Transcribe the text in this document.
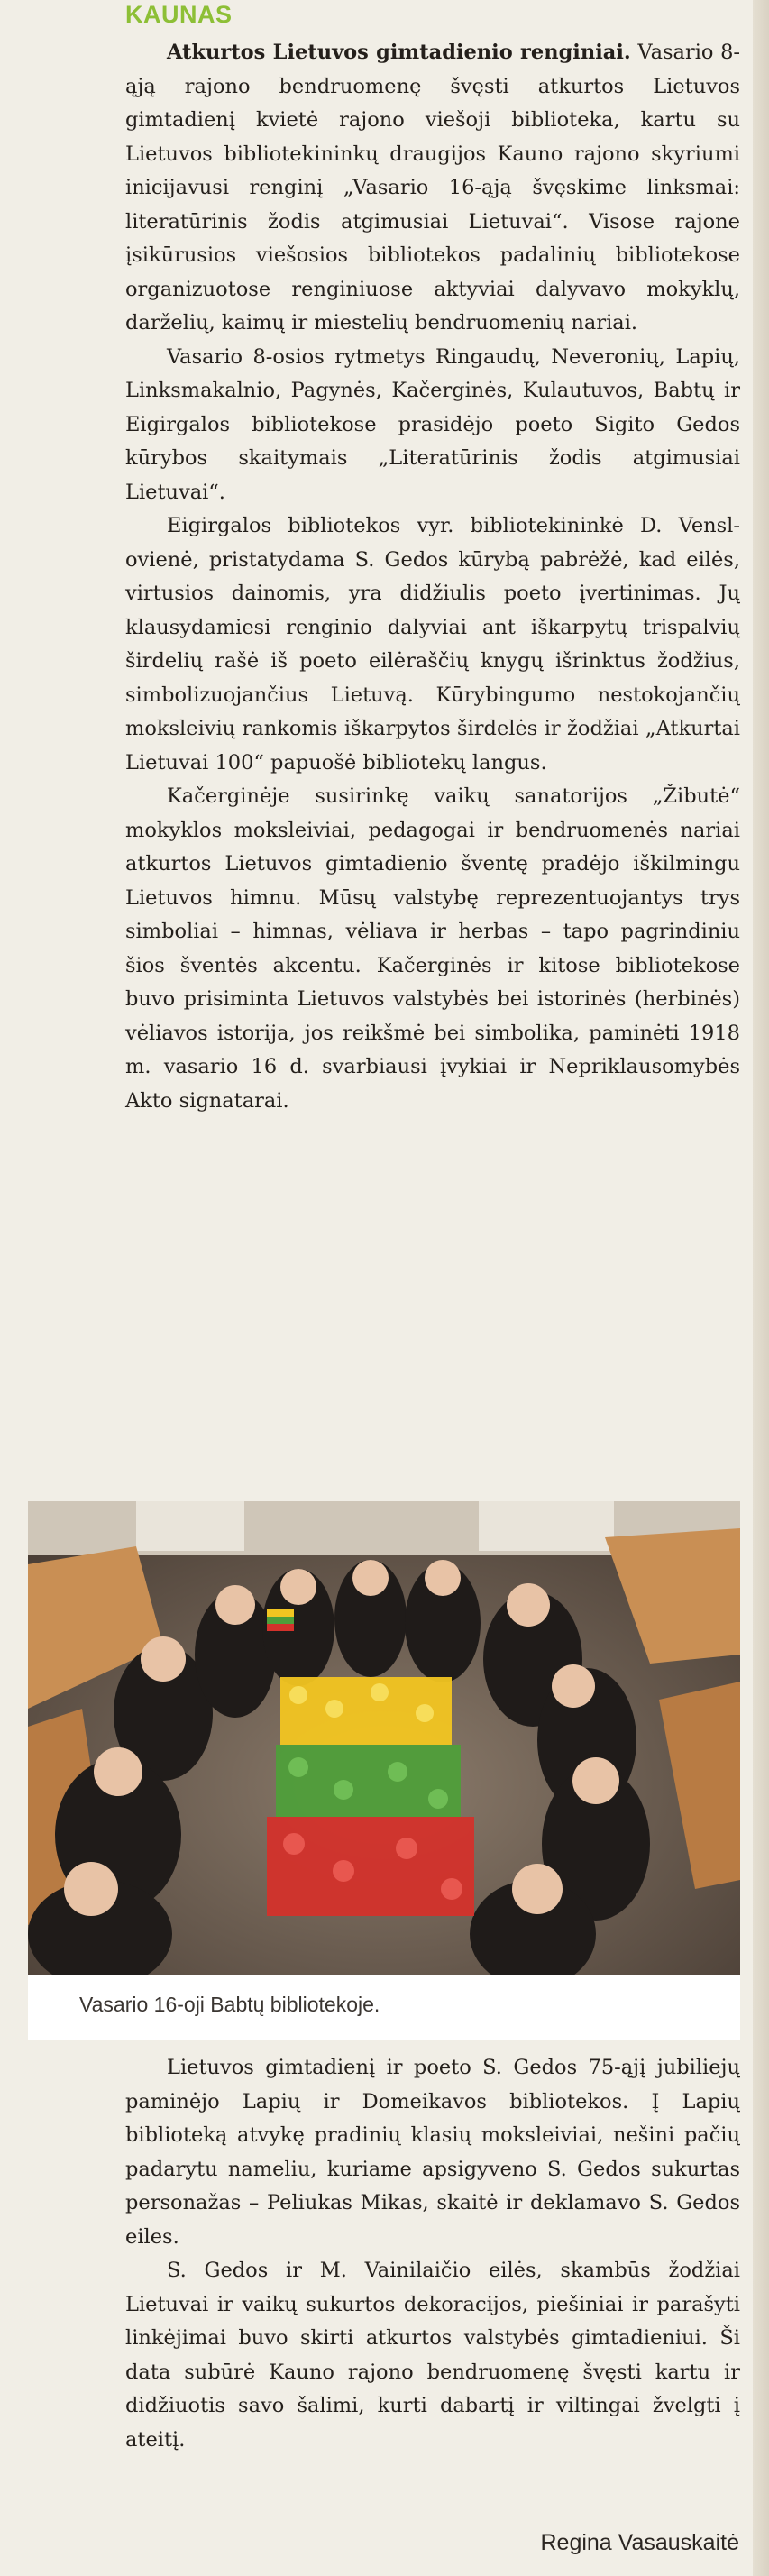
KAUNAS

Atkurtos Lietuvos gimtadienio renginiai. Vasario 8-ąją rajono bendruomenę švęsti atkurtos Lietuvos gimtadienį kvietė rajono viešoji biblioteka, kartu su Lietuvos bibliotekininkų draugijos Kauno rajono skyriumi inicijavusi renginį „Vasario 16-ąją švęskime linksmai: literatūrinis žodis atgimusiai Lietuvai“. Visose rajone įsikūrusios viešosios bibliotekos padalinių bibliotekose organizuotose renginiuose aktyviai dalyvavo mokyklų, darželių, kaimų ir miestelių bendruomenių nariai.

Vasario 8-osios rytmetys Ringaudų, Neveronių, Lapių, Linksmakalnio, Pagynės, Kačerginės, Kulautuvos, Babtų ir Eigirgalos bibliotekose prasidėjo poeto Sigito Gedos kūrybos skaitymais „Literatūrinis žodis atgimusiai Lietuvai“.

Eigirgalos bibliotekos vyr. bibliotekininkė D. Venslovienė, pristatydama S. Gedos kūrybą pabrėžė, kad eilės, virtusios dainomis, yra didžiulis poeto įvertinimas. Jų klausydamiesi renginio dalyviai ant iškarpytų trispalvių širdelių rašė iš poeto eilėraščių knygų išrinktus žodžius, simbolizuojančius Lietuvą. Kūrybingumo nestokojančių moksleivių rankomis iškarpytos širdelės ir žodžiai „Atkurtai Lietuvai 100“ papuošė bibliotekų langus.

Kačerginėje susirinkę vaikų sanatorijos „Žibutė“ mokyklos moksleiviai, pedagogai ir bendruomenės nariai atkurtos Lietuvos gimtadienio šventę pradėjo iškilmingu Lietuvos himnu. Mūsų valstybę reprezentuojantys trys simboliai – himnas, vėliava ir herbas – tapo pagrindiniu šios šventės akcentu. Kačerginės ir kitose bibliotekose buvo prisiminta Lietuvos valstybės bei istorinės (herbinės) vėliavos istorija, jos reikšmė bei simbolika, paminėti 1918 m. vasario 16 d. svarbiausi įvykiai ir Nepriklausomybės Akto signatarai.

Vasario 16-oji Babtų bibliotekoje.

Lietuvos gimtadienį ir poeto S. Gedos 75-ąjį jubiliejų paminėjo Lapių ir Domeikavos bibliotekos. Į Lapių biblioteką atvykę pradinių klasių moksleiviai, nešini pačių padarytu nameliu, kuriame apsigyveno S. Gedos sukurtas personažas – Peliukas Mikas, skaitė ir deklamavo S. Gedos eiles.

S. Gedos ir M. Vainilaičio eilės, skambūs žodžiai Lietuvai ir vaikų sukurtos dekoracijos, piešiniai ir parašyti linkėjimai buvo skirti atkurtos valstybės gimtadieniui. Ši data subūrė Kauno rajono bendruomenę švęsti kartu ir didžiuotis savo šalimi, kurti dabartį ir viltingai žvelgti į ateitį.

Regina Vasauskaitė
